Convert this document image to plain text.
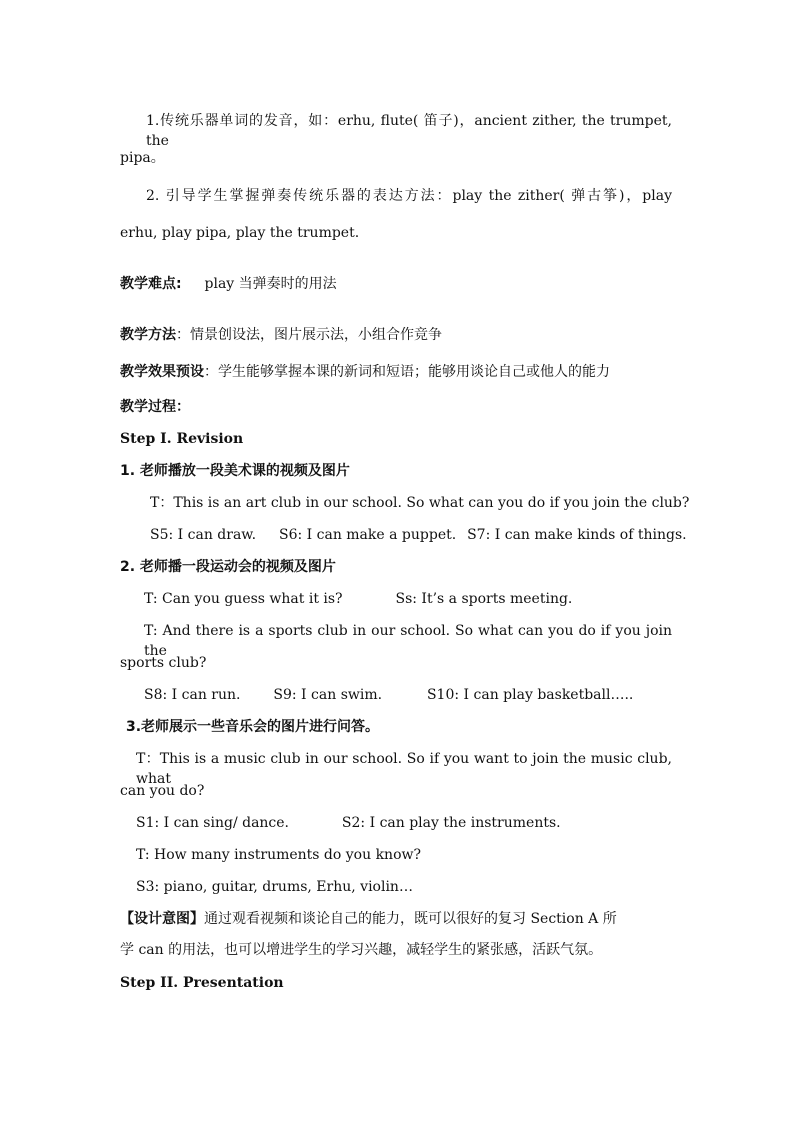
1.传统乐器单词的发音，如：erhu, flute( 笛子)，ancient zither, the trumpet, the
pipa。
2. 引导学生掌握弹奏传统乐器的表达方法：play the zither( 弹古筝)，play
erhu, play pipa, play the trumpet.
教学难点: play 当弹奏时的用法
教学方法：情景创设法，图片展示法，小组合作竞争
教学效果预设：学生能够掌握本课的新词和短语；能够用谈论自己或他人的能力
教学过程：
Step I. Revision
1. 老师播放一段美术课的视频及图片
T：This is an art club in our school. So what can you do if you join the club?
S5: I can draw. S6: I can make a puppet. S7: I can make kinds of things.
2. 老师播一段运动会的视频及图片
T: Can you guess what it is?	Ss: It’s a sports meeting.
T: And there is a sports club in our school. So what can you do if you join the
sports club?
S8: I can run. S9: I can swim.	S10: I can play basketball…..
3.老师展示一些音乐会的图片进行问答。
T：This is a music club in our school. So if you want to join the music club, what
can you do?
S1: I can sing/ dance.	S2: I can play the instruments.
T: How many instruments do you know?
S3: piano, guitar, drums, Erhu, violin…
【设计意图】通过观看视频和谈论自己的能力，既可以很好的复习 Section A 所
学 can 的用法，也可以增进学生的学习兴趣，减轻学生的紧张感，活跃气氛。
Step II. Presentation
